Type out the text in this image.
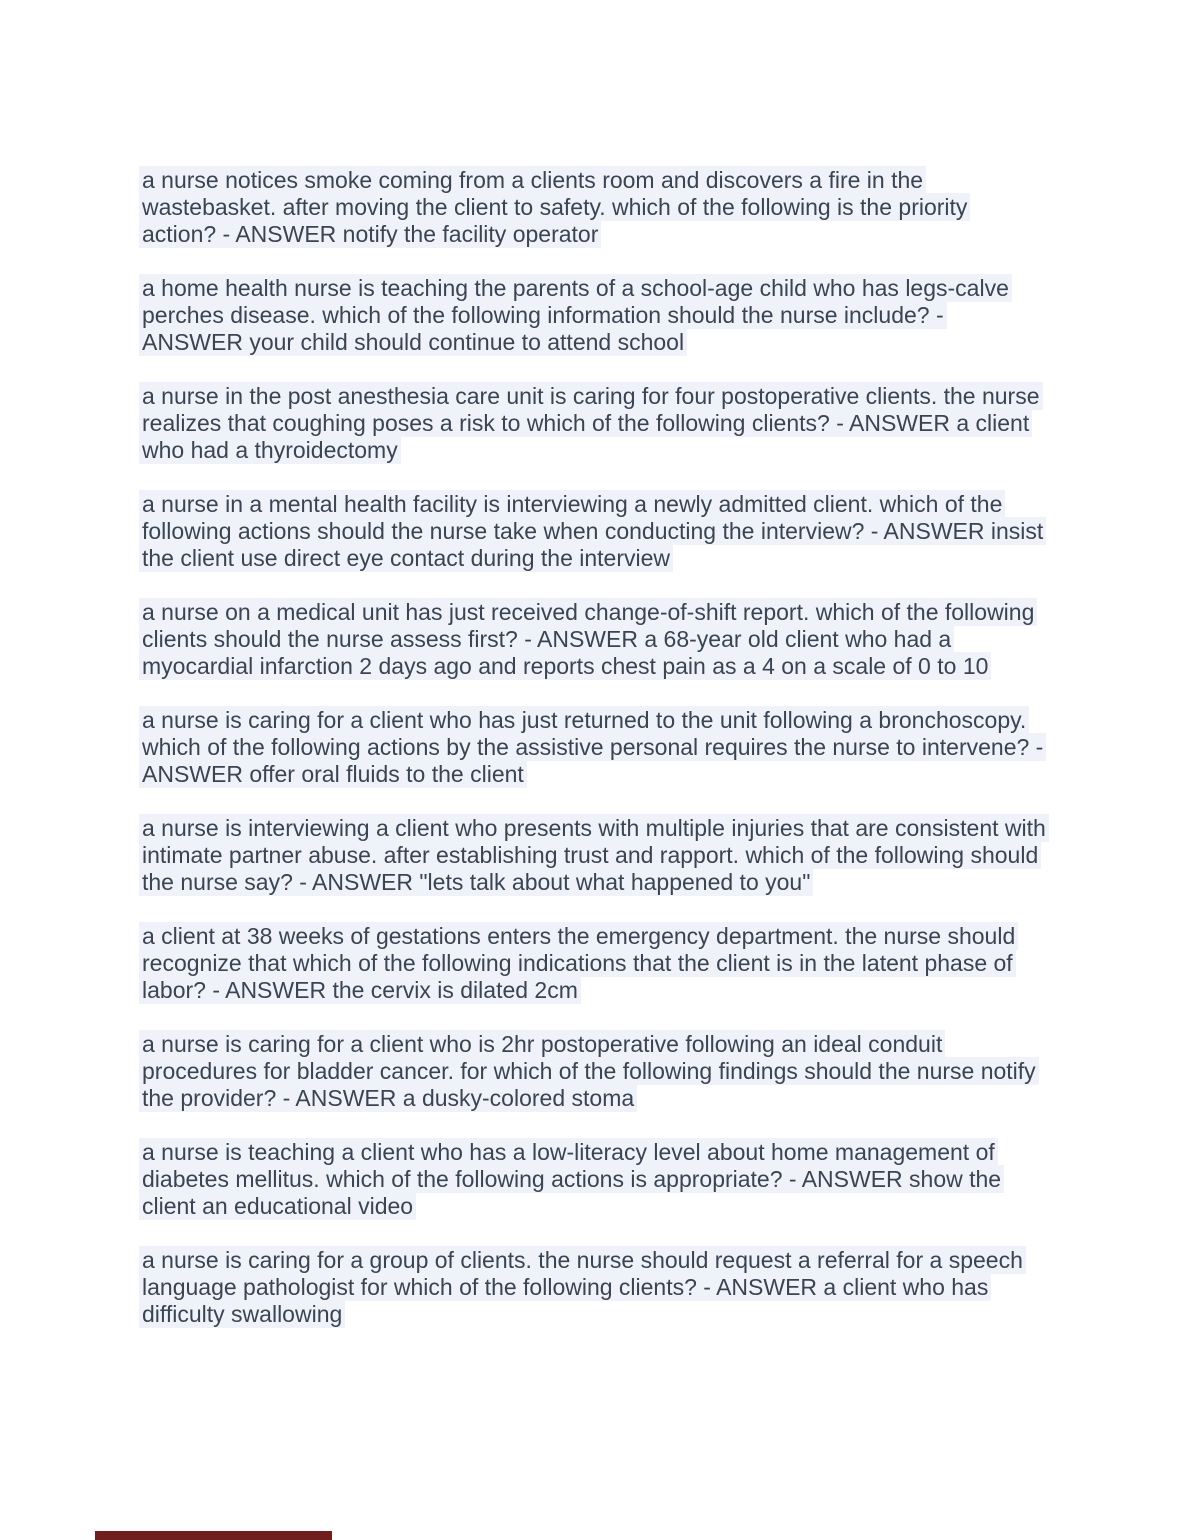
a nurse notices smoke coming from a clients room and discovers a fire in the wastebasket. after moving the client to safety. which of the following is the priority action? - ANSWER notify the facility operator

a home health nurse is teaching the parents of a school-age child who has legs-calve perches disease. which of the following information should the nurse include? - ANSWER your child should continue to attend school

a nurse in the post anesthesia care unit is caring for four postoperative clients. the nurse realizes that coughing poses a risk to which of the following clients? - ANSWER a client who had a thyroidectomy

a nurse in a mental health facility is interviewing a newly admitted client. which of the following actions should the nurse take when conducting the interview? - ANSWER insist the client use direct eye contact during the interview

a nurse on a medical unit has just received change-of-shift report. which of the following clients should the nurse assess first? - ANSWER a 68-year old client who had a myocardial infarction 2 days ago and reports chest pain as a 4 on a scale of 0 to 10

a nurse is caring for a client who has just returned to the unit following a bronchoscopy. which of the following actions by the assistive personal requires the nurse to intervene? - ANSWER offer oral fluids to the client

a nurse is interviewing a client who presents with multiple injuries that are consistent with intimate partner abuse. after establishing trust and rapport. which of the following should the nurse say? - ANSWER "lets talk about what happened to you"

a client at 38 weeks of gestations enters the emergency department. the nurse should recognize that which of the following indications that the client is in the latent phase of labor? - ANSWER the cervix is dilated 2cm

a nurse is caring for a client who is 2hr postoperative following an ideal conduit procedures for bladder cancer. for which of the following findings should the nurse notify the provider? - ANSWER a dusky-colored stoma

a nurse is teaching a client who has a low-literacy level about home management of diabetes mellitus. which of the following actions is appropriate? - ANSWER show the client an educational video

a nurse is caring for a group of clients. the nurse should request a referral for a speech language pathologist for which of the following clients? - ANSWER a client who has difficulty swallowing
